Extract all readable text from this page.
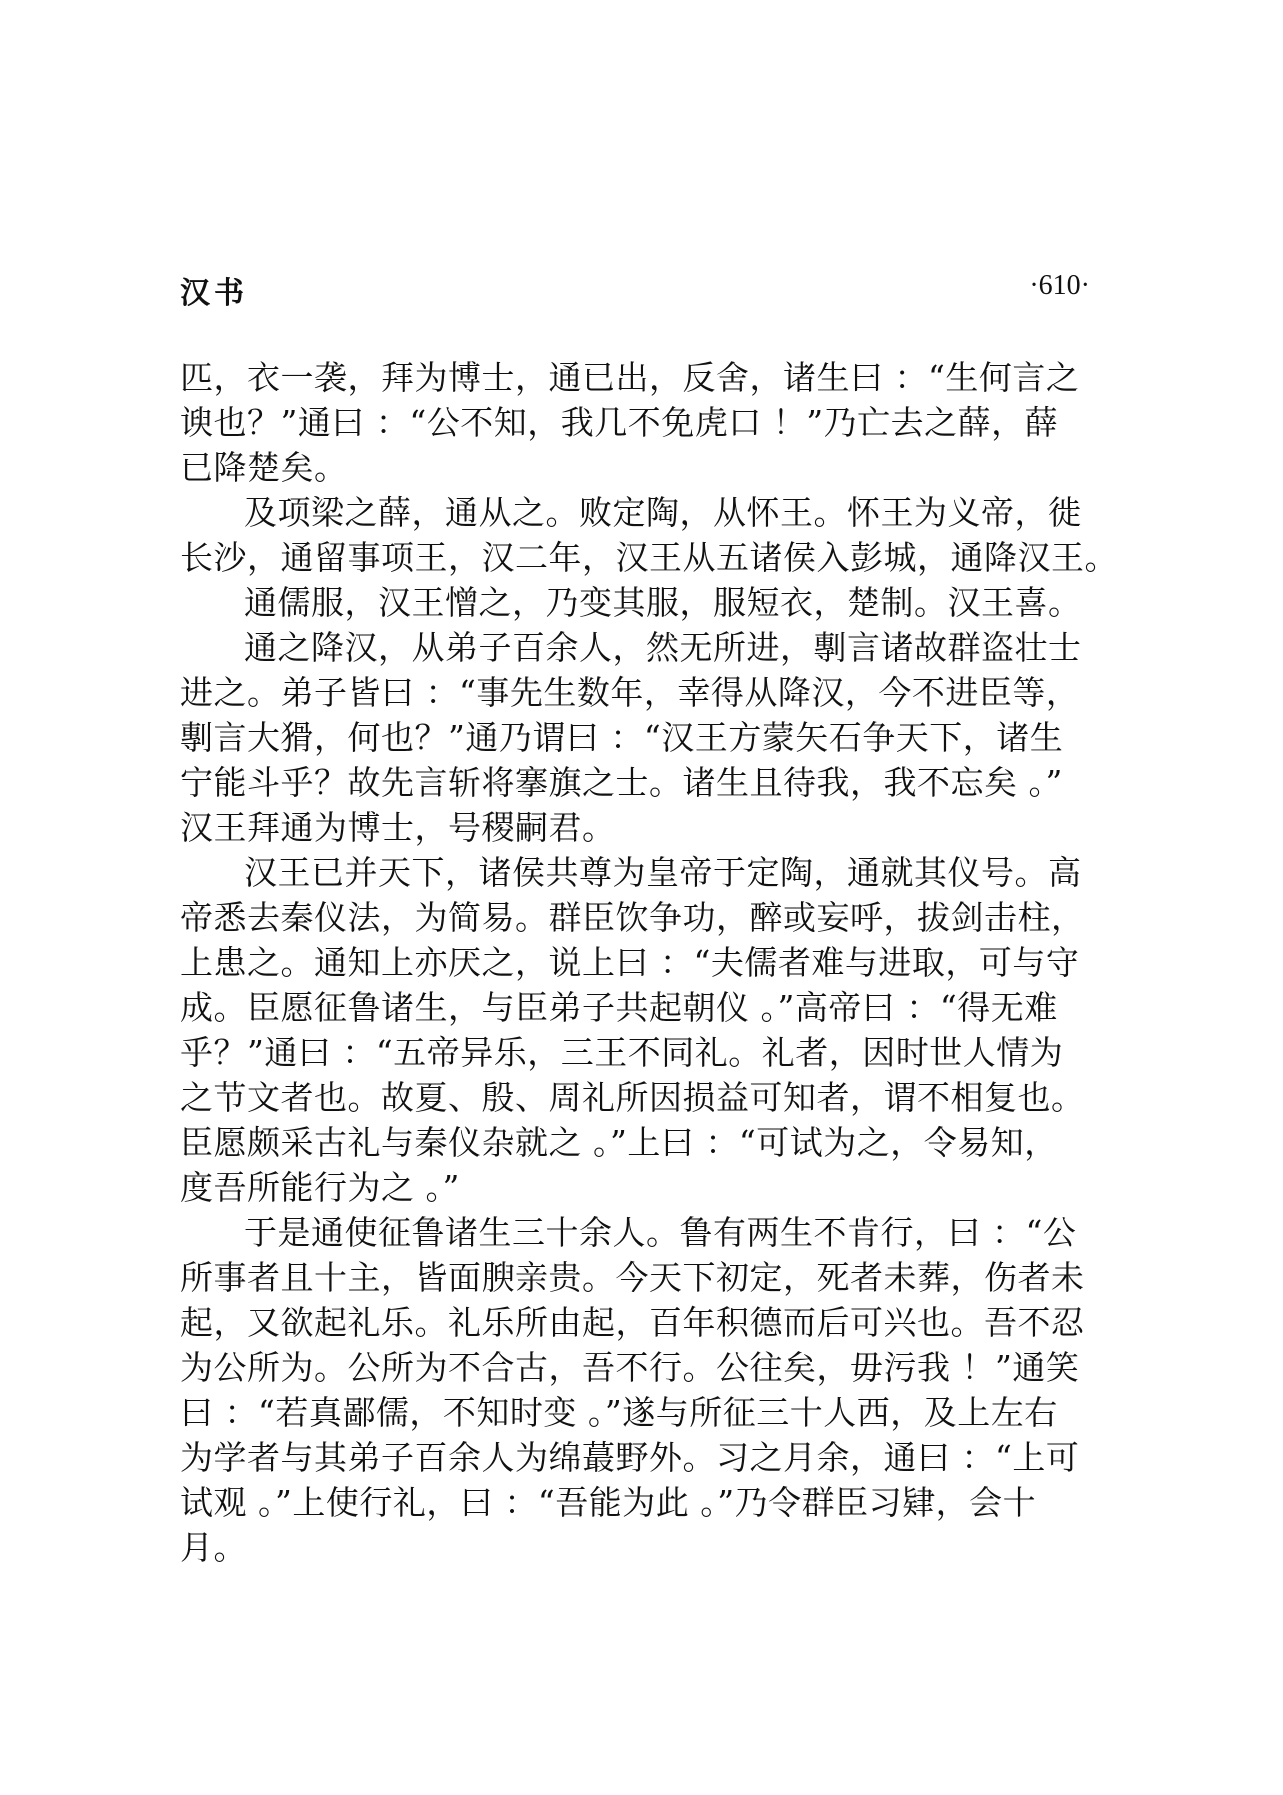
汉书	·610·
匹，衣一袭，拜为博士，通已出，反舍，诸生曰 ：“生何言之
谀也？”通曰 ：“公不知，我几不免虎口 ！”乃亡去之薛，薛
已降楚矣。
及项梁之薛，通从之。败定陶，从怀王。怀王为义帝，徙
长沙，通留事项王，汉二年，汉王从五诸侯入彭城，通降汉王。
通儒服，汉王憎之，乃变其服，服短衣，楚制。汉王喜。
通之降汉，从弟子百余人，然无所进，剸言诸故群盗壮士
进之。弟子皆曰 ：“事先生数年，幸得从降汉，今不进臣等，
剸言大猾，何也？”通乃谓曰 ：“汉王方蒙矢石争天下，诸生
宁能斗乎？故先言斩将搴旗之士。诸生且待我，我不忘矣 。”
汉王拜通为博士，号稷嗣君。
汉王已并天下，诸侯共尊为皇帝于定陶，通就其仪号。高
帝悉去秦仪法，为简易。群臣饮争功，醉或妄呼，拔剑击柱，
上患之。通知上亦厌之，说上曰 ：“夫儒者难与进取，可与守
成。臣愿征鲁诸生，与臣弟子共起朝仪 。”高帝曰 ：“得无难
乎？”通曰 ：“五帝异乐，三王不同礼。礼者，因时世人情为
之节文者也。故夏、殷、周礼所因损益可知者，谓不相复也。
臣愿颇采古礼与秦仪杂就之 。”上曰 ：“可试为之，令易知，
度吾所能行为之 。”
于是通使征鲁诸生三十余人。鲁有两生不肯行，曰 ：“公
所事者且十主，皆面腴亲贵。今天下初定，死者未葬，伤者未
起，又欲起礼乐。礼乐所由起，百年积德而后可兴也。吾不忍
为公所为。公所为不合古，吾不行。公往矣，毋污我 ！”通笑
曰 ：“若真鄙儒，不知时变 。”遂与所征三十人西，及上左右
为学者与其弟子百余人为绵蕞野外。习之月余，通曰 ：“上可
试观 。”上使行礼，曰 ：“吾能为此 。”乃令群臣习肄，会十
月。
